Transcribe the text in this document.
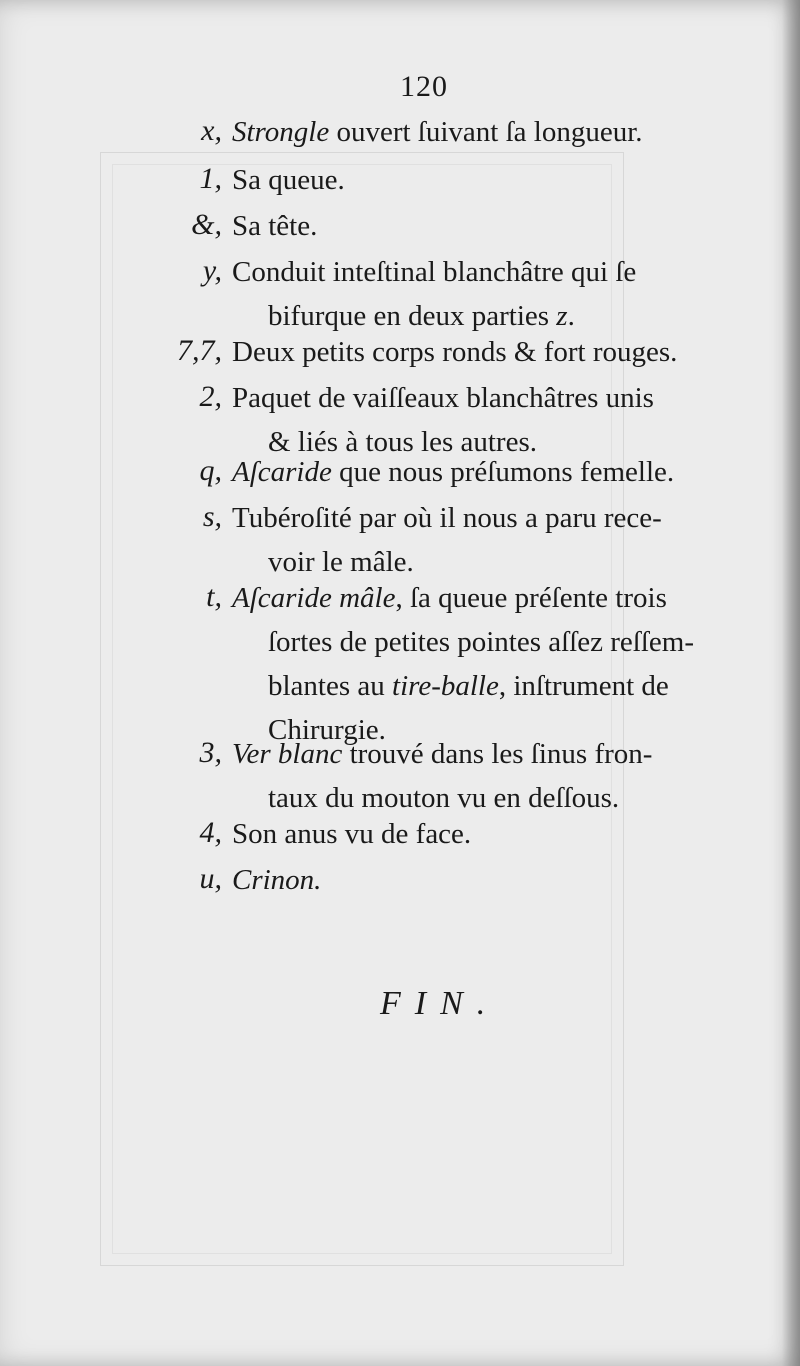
120
x, Strongle ouvert ſuivant ſa longueur.
1, Sa queue.
&, Sa tête.
y, Conduit inteſtinal blanchâtre qui ſe
bifurque en deux parties z.
7,7, Deux petits corps ronds & fort rouges.
2, Paquet de vaiſſeaux blanchâtres unis
& liés à tous les autres.
q, Aſcaride que nous préſumons femelle.
s, Tubéroſité par où il nous a paru rece-
voir le mâle.
t, Aſcaride mâle, ſa queue préſente trois
ſortes de petites pointes aſſez reſſem-
blantes au tire-balle, inſtrument de
Chirurgie.
3, Ver blanc trouvé dans les ſinus fron-
taux du mouton vu en deſſous.
4, Son anus vu de face.
u, Crinon.
FIN.
